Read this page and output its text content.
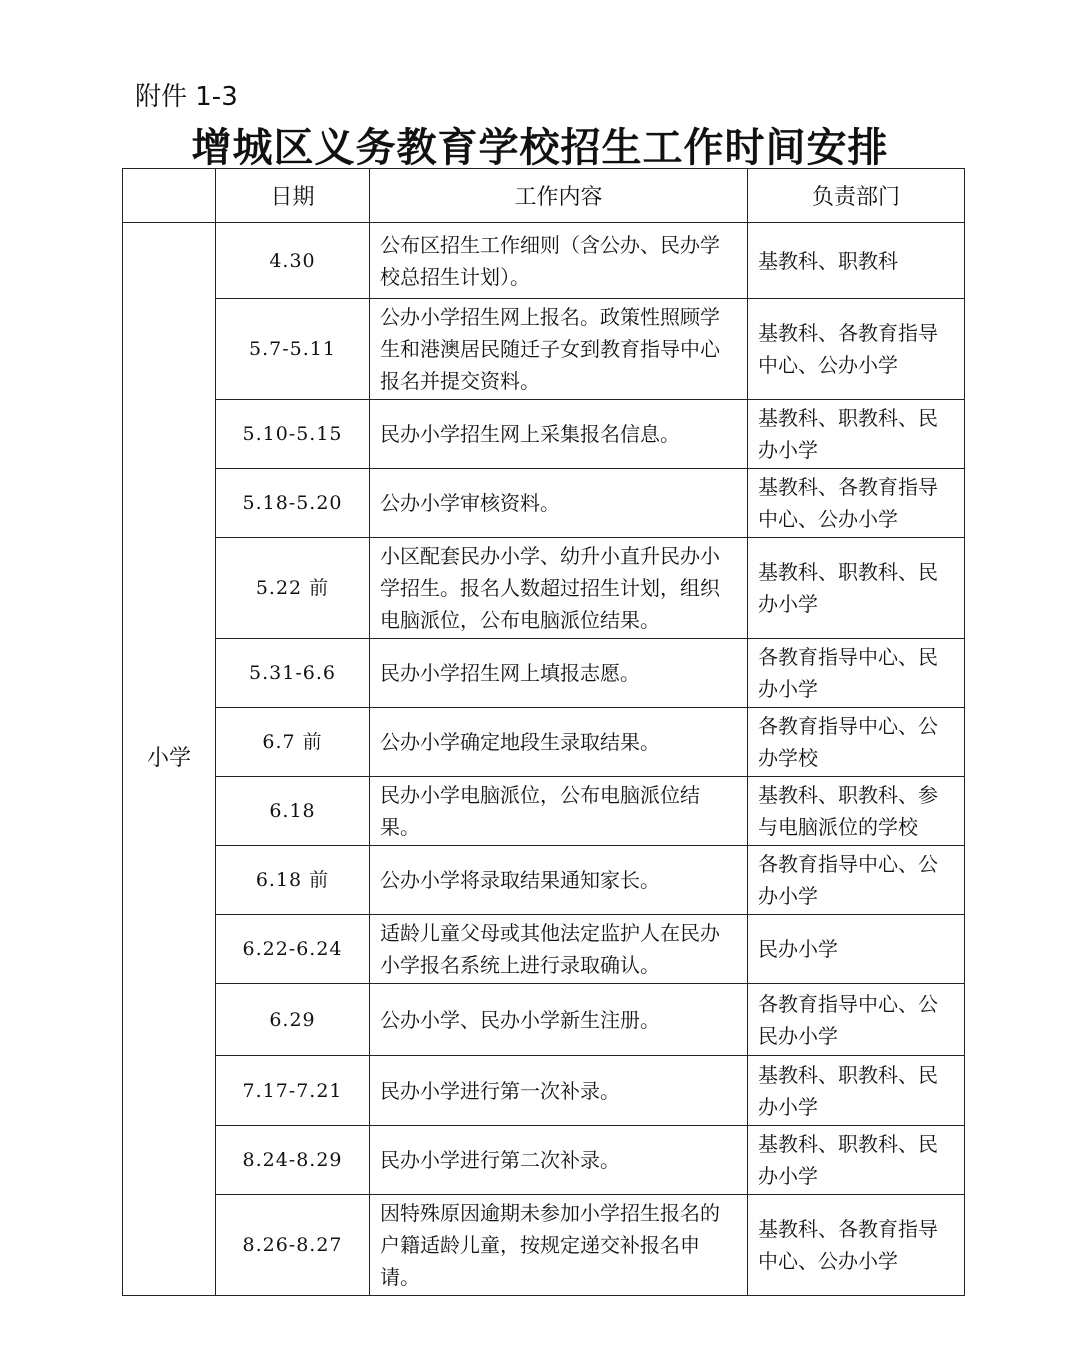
附件 1-3
增城区义务教育学校招生工作时间安排
	日期	工作内容	负责部门
小学	4.30	公布区招生工作细则（含公办、民办学校总招生计划）。	基教科、职教科
	5.7-5.11	公办小学招生网上报名。政策性照顾学生和港澳居民随迁子女到教育指导中心报名并提交资料。	基教科、各教育指导中心、公办小学
	5.10-5.15	民办小学招生网上采集报名信息。	基教科、职教科、民办小学
	5.18-5.20	公办小学审核资料。	基教科、各教育指导中心、公办小学
	5.22 前	小区配套民办小学、幼升小直升民办小学招生。报名人数超过招生计划，组织电脑派位，公布电脑派位结果。	基教科、职教科、民办小学
	5.31-6.6	民办小学招生网上填报志愿。	各教育指导中心、民办小学
	6.7 前	公办小学确定地段生录取结果。	各教育指导中心、公办学校
	6.18	民办小学电脑派位，公布电脑派位结果。	基教科、职教科、参与电脑派位的学校
	6.18 前	公办小学将录取结果通知家长。	各教育指导中心、公办小学
	6.22-6.24	适龄儿童父母或其他法定监护人在民办小学报名系统上进行录取确认。	民办小学
	6.29	公办小学、民办小学新生注册。	各教育指导中心、公民办小学
	7.17-7.21	民办小学进行第一次补录。	基教科、职教科、民办小学
	8.24-8.29	民办小学进行第二次补录。	基教科、职教科、民办小学
	8.26-8.27	因特殊原因逾期未参加小学招生报名的户籍适龄儿童，按规定递交补报名申请。	基教科、各教育指导中心、公办小学
